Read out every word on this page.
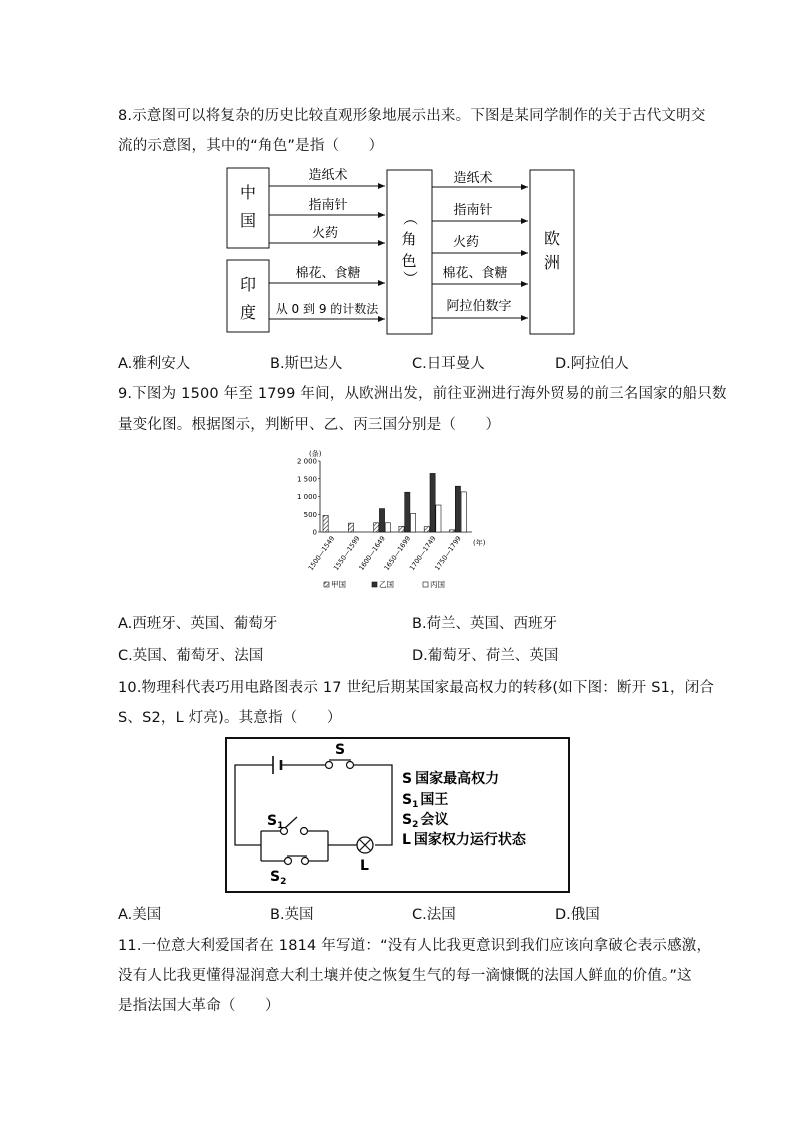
8.示意图可以将复杂的历史比较直观形象地展示出来。下图是某同学制作的关于古代文明交
流的示意图，其中的“角色”是指（　　）
中
国
印
度
（
角
色
）
欧
洲
造纸术
指南针
火药
棉花、食糖
从 0 到 9 的计数法
造纸术
指南针
火药
棉花、食糖
阿拉伯数字
A.雅利安人	B.斯巴达人	C.日耳曼人	D.阿拉伯人
9.下图为 1500 年至 1799 年间，从欧洲出发，前往亚洲进行海外贸易的前三名国家的船只数
量变化图。根据图示，判断甲、乙、丙三国分别是（　　）
(条)
2 000
1 500
1 000
500
0
1500—1549
1550—1599
1600—1649
1650—1699
1700—1749
1750—1799 (年)
甲国	乙国	丙国
A.西班牙、英国、葡萄牙	B.荷兰、英国、西班牙
C.英国、葡萄牙、法国	D.葡萄牙、荷兰、英国
10.物理科代表巧用电路图表示 17 世纪后期某国家最高权力的转移(如下图：断开 S1，闭合
S、S2，L 灯亮)。其意指（　　）
S
L
$S_1$
$S_2$
S 国家最高权力
$S_1$ 国王
$S_2$ 会议
L 国家权力运行状态
A.美国	B.英国	C.法国	D.俄国
11.一位意大利爱国者在 1814 年写道：“没有人比我更意识到我们应该向拿破仑表示感激，
没有人比我更懂得湿润意大利土壤并使之恢复生气的每一滴慷慨的法国人鲜血的价值。”这
是指法国大革命（　　）
